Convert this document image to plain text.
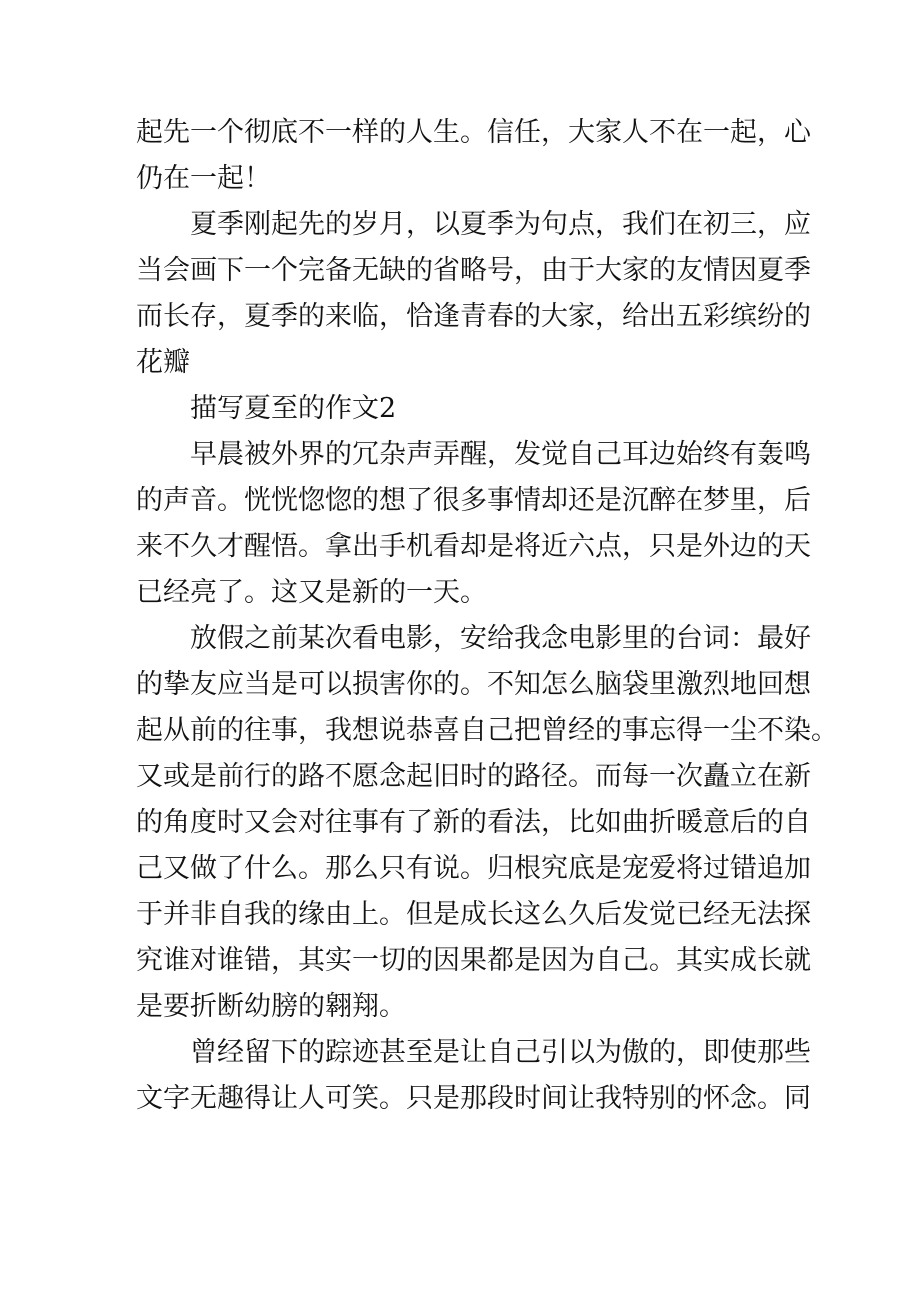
起先一个彻底不一样的人生。信任，大家人不在一起，心
仍在一起！
夏季刚起先的岁月，以夏季为句点，我们在初三，应
当会画下一个完备无缺的省略号，由于大家的友情因夏季
而长存，夏季的来临，恰逢青春的大家，给出五彩缤纷的
花瓣
描写夏至的作文2
早晨被外界的冗杂声弄醒，发觉自己耳边始终有轰鸣
的声音。恍恍惚惚的想了很多事情却还是沉醉在梦里，后
来不久才醒悟。拿出手机看却是将近六点，只是外边的天
已经亮了。这又是新的一天。
放假之前某次看电影，安给我念电影里的台词：最好
的挚友应当是可以损害你的。不知怎么脑袋里激烈地回想
起从前的往事，我想说恭喜自己把曾经的事忘得一尘不染。
又或是前行的路不愿念起旧时的路径。而每一次矗立在新
的角度时又会对往事有了新的看法，比如曲折暖意后的自
己又做了什么。那么只有说。归根究底是宠爱将过错追加
于并非自我的缘由上。但是成长这么久后发觉已经无法探
究谁对谁错，其实一切的因果都是因为自己。其实成长就
是要折断幼膀的翱翔。
曾经留下的踪迹甚至是让自己引以为傲的，即使那些
文字无趣得让人可笑。只是那段时间让我特别的怀念。同
